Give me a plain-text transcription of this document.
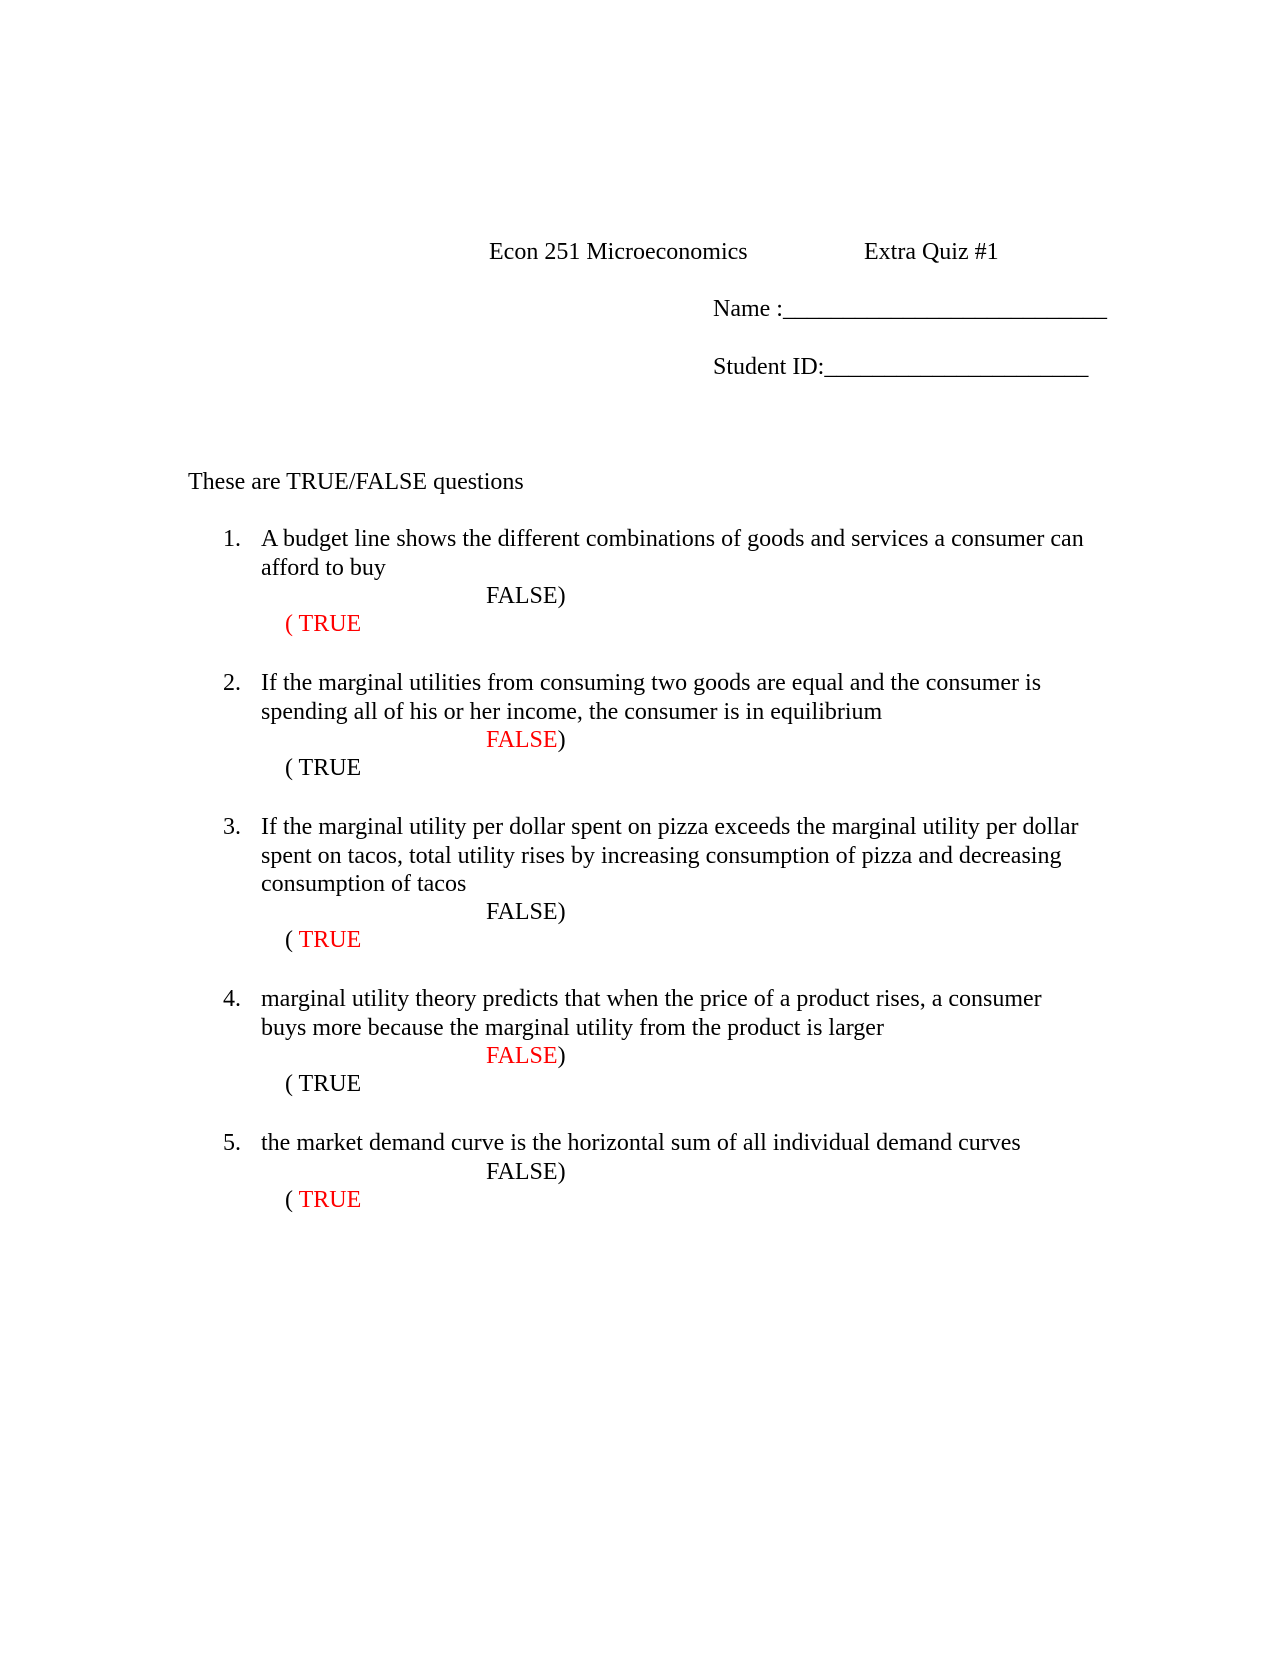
Econ 251 Microeconomics	Extra Quiz #1
Name :___________________________
Student ID:______________________
These are TRUE/FALSE questions
1. A budget line shows the different combinations of goods and services a consumer can afford to buy

( TRUE
FALSE)

2. If the marginal utilities from consuming two goods are equal and the consumer is spending all of his or her income, the consumer is in equilibrium

( TRUE
FALSE)

3. If the marginal utility per dollar spent on pizza exceeds the marginal utility per dollar spent on tacos, total utility rises by increasing consumption of pizza and decreasing consumption of tacos

( TRUE
FALSE)

4. marginal utility theory predicts that when the price of a product rises, a consumer buys more because the marginal utility from the product is larger

( TRUE
FALSE)

5. the market demand curve is the horizontal sum of all individual demand curves

( TRUE
FALSE)
